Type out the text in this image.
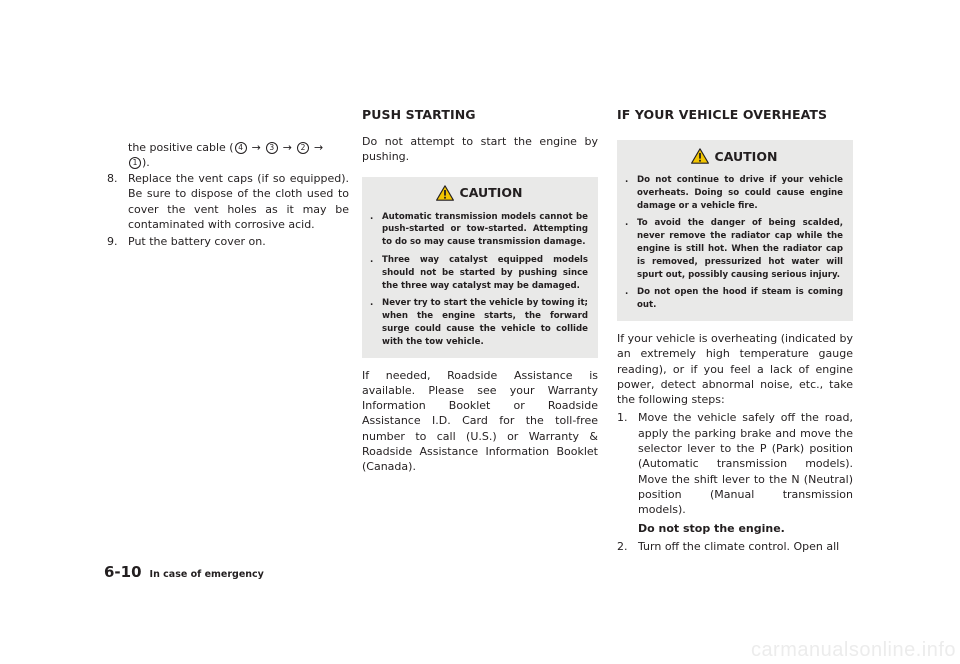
the positive cable ( 4 → 3 → 2 →
1 ).

8. Replace the vent caps (if so equipped). Be sure to dispose of the cloth used to cover the vent holes as it may be contaminated with corrosive acid.
9. Put the battery cover on.
PUSH STARTING

Do not attempt to start the engine by pushing.

CAUTION
.	Automatic transmission models cannot be push-started or tow-started. Attempting to do so may cause transmission damage.
.	Three way catalyst equipped models should not be started by pushing since the three way catalyst may be damaged.
.	Never try to start the vehicle by towing it; when the engine starts, the forward surge could cause the vehicle to collide with the tow vehicle.

If needed, Roadside Assistance is available. Please see your Warranty Information Booklet or Roadside Assistance I.D. Card for the toll-free number to call (U.S.) or Warranty & Roadside Assistance Information Booklet (Canada).

IF YOUR VEHICLE OVERHEATS
CAUTION
.	Do not continue to drive if your vehicle overheats. Doing so could cause engine damage or a vehicle fire.
.	To avoid the danger of being scalded, never remove the radiator cap while the engine is still hot. When the radiator cap is removed, pressurized hot water will spurt out, possibly causing serious injury.
.	Do not open the hood if steam is coming out.

If your vehicle is overheating (indicated by an extremely high temperature gauge reading), or if you feel a lack of engine power, detect abnormal noise, etc., take the following steps:

1. Move the vehicle safely off the road, apply the parking brake and move the selector lever to the P (Park) position (Automatic transmission models). Move the shift lever to the N (Neutral) position (Manual transmission models).
Do not stop the engine.
2. Turn off the climate control. Open all
6-10 In case of emergency
carmanualsonline.info
